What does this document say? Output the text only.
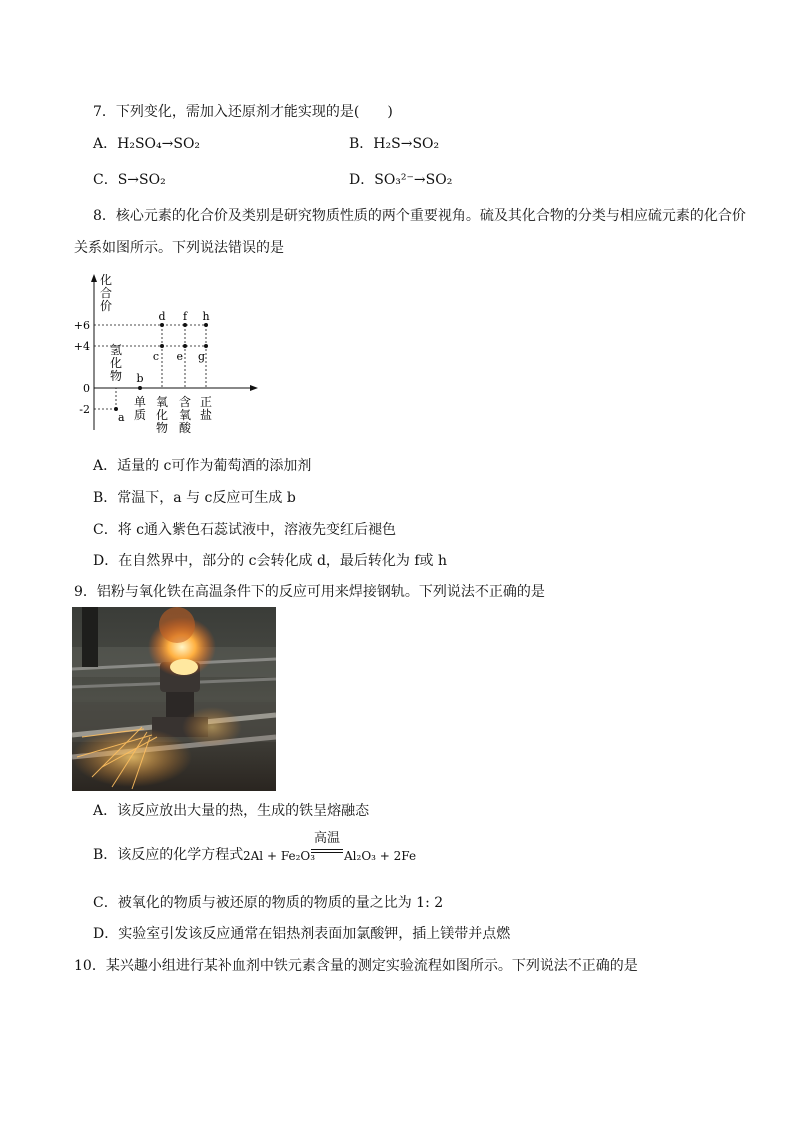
7．下列变化，需加入还原剂才能实现的是(　　)
A．H₂SO₄→SO₂	B．H₂S→SO₂
C．S→SO₂	D．SO₃²⁻→SO₂
8．核心元素的化合价及类别是研究物质性质的两个重要视角。硫及其化合物的分类与相应硫元素的化合价
关系如图所示。下列说法错误的是
化合价
+6
+4
0
-2
氢化物
单质
氧化物
含氧酸
正盐
a
b
c
d
e
f
g
h
A．适量的 c可作为葡萄酒的添加剂
B．常温下，a 与 c反应可生成 b
C．将 c通入紫色石蕊试液中，溶液先变红后褪色
D．在自然界中，部分的 c会转化成 d，最后转化为 f或 h
9．铝粉与氧化铁在高温条件下的反应可用来焊接钢轨。下列说法不正确的是
A．该反应放出大量的热，生成的铁呈熔融态
B．该反应的化学方程式 2Al + Fe₂O₃
高温
Al₂O₃ + 2Fe
C．被氧化的物质与被还原的物质的物质的量之比为 1: 2
D．实验室引发该反应通常在铝热剂表面加氯酸钾，插上镁带并点燃
10．某兴趣小组进行某补血剂中铁元素含量的测定实验流程如图所示。下列说法不正确的是
